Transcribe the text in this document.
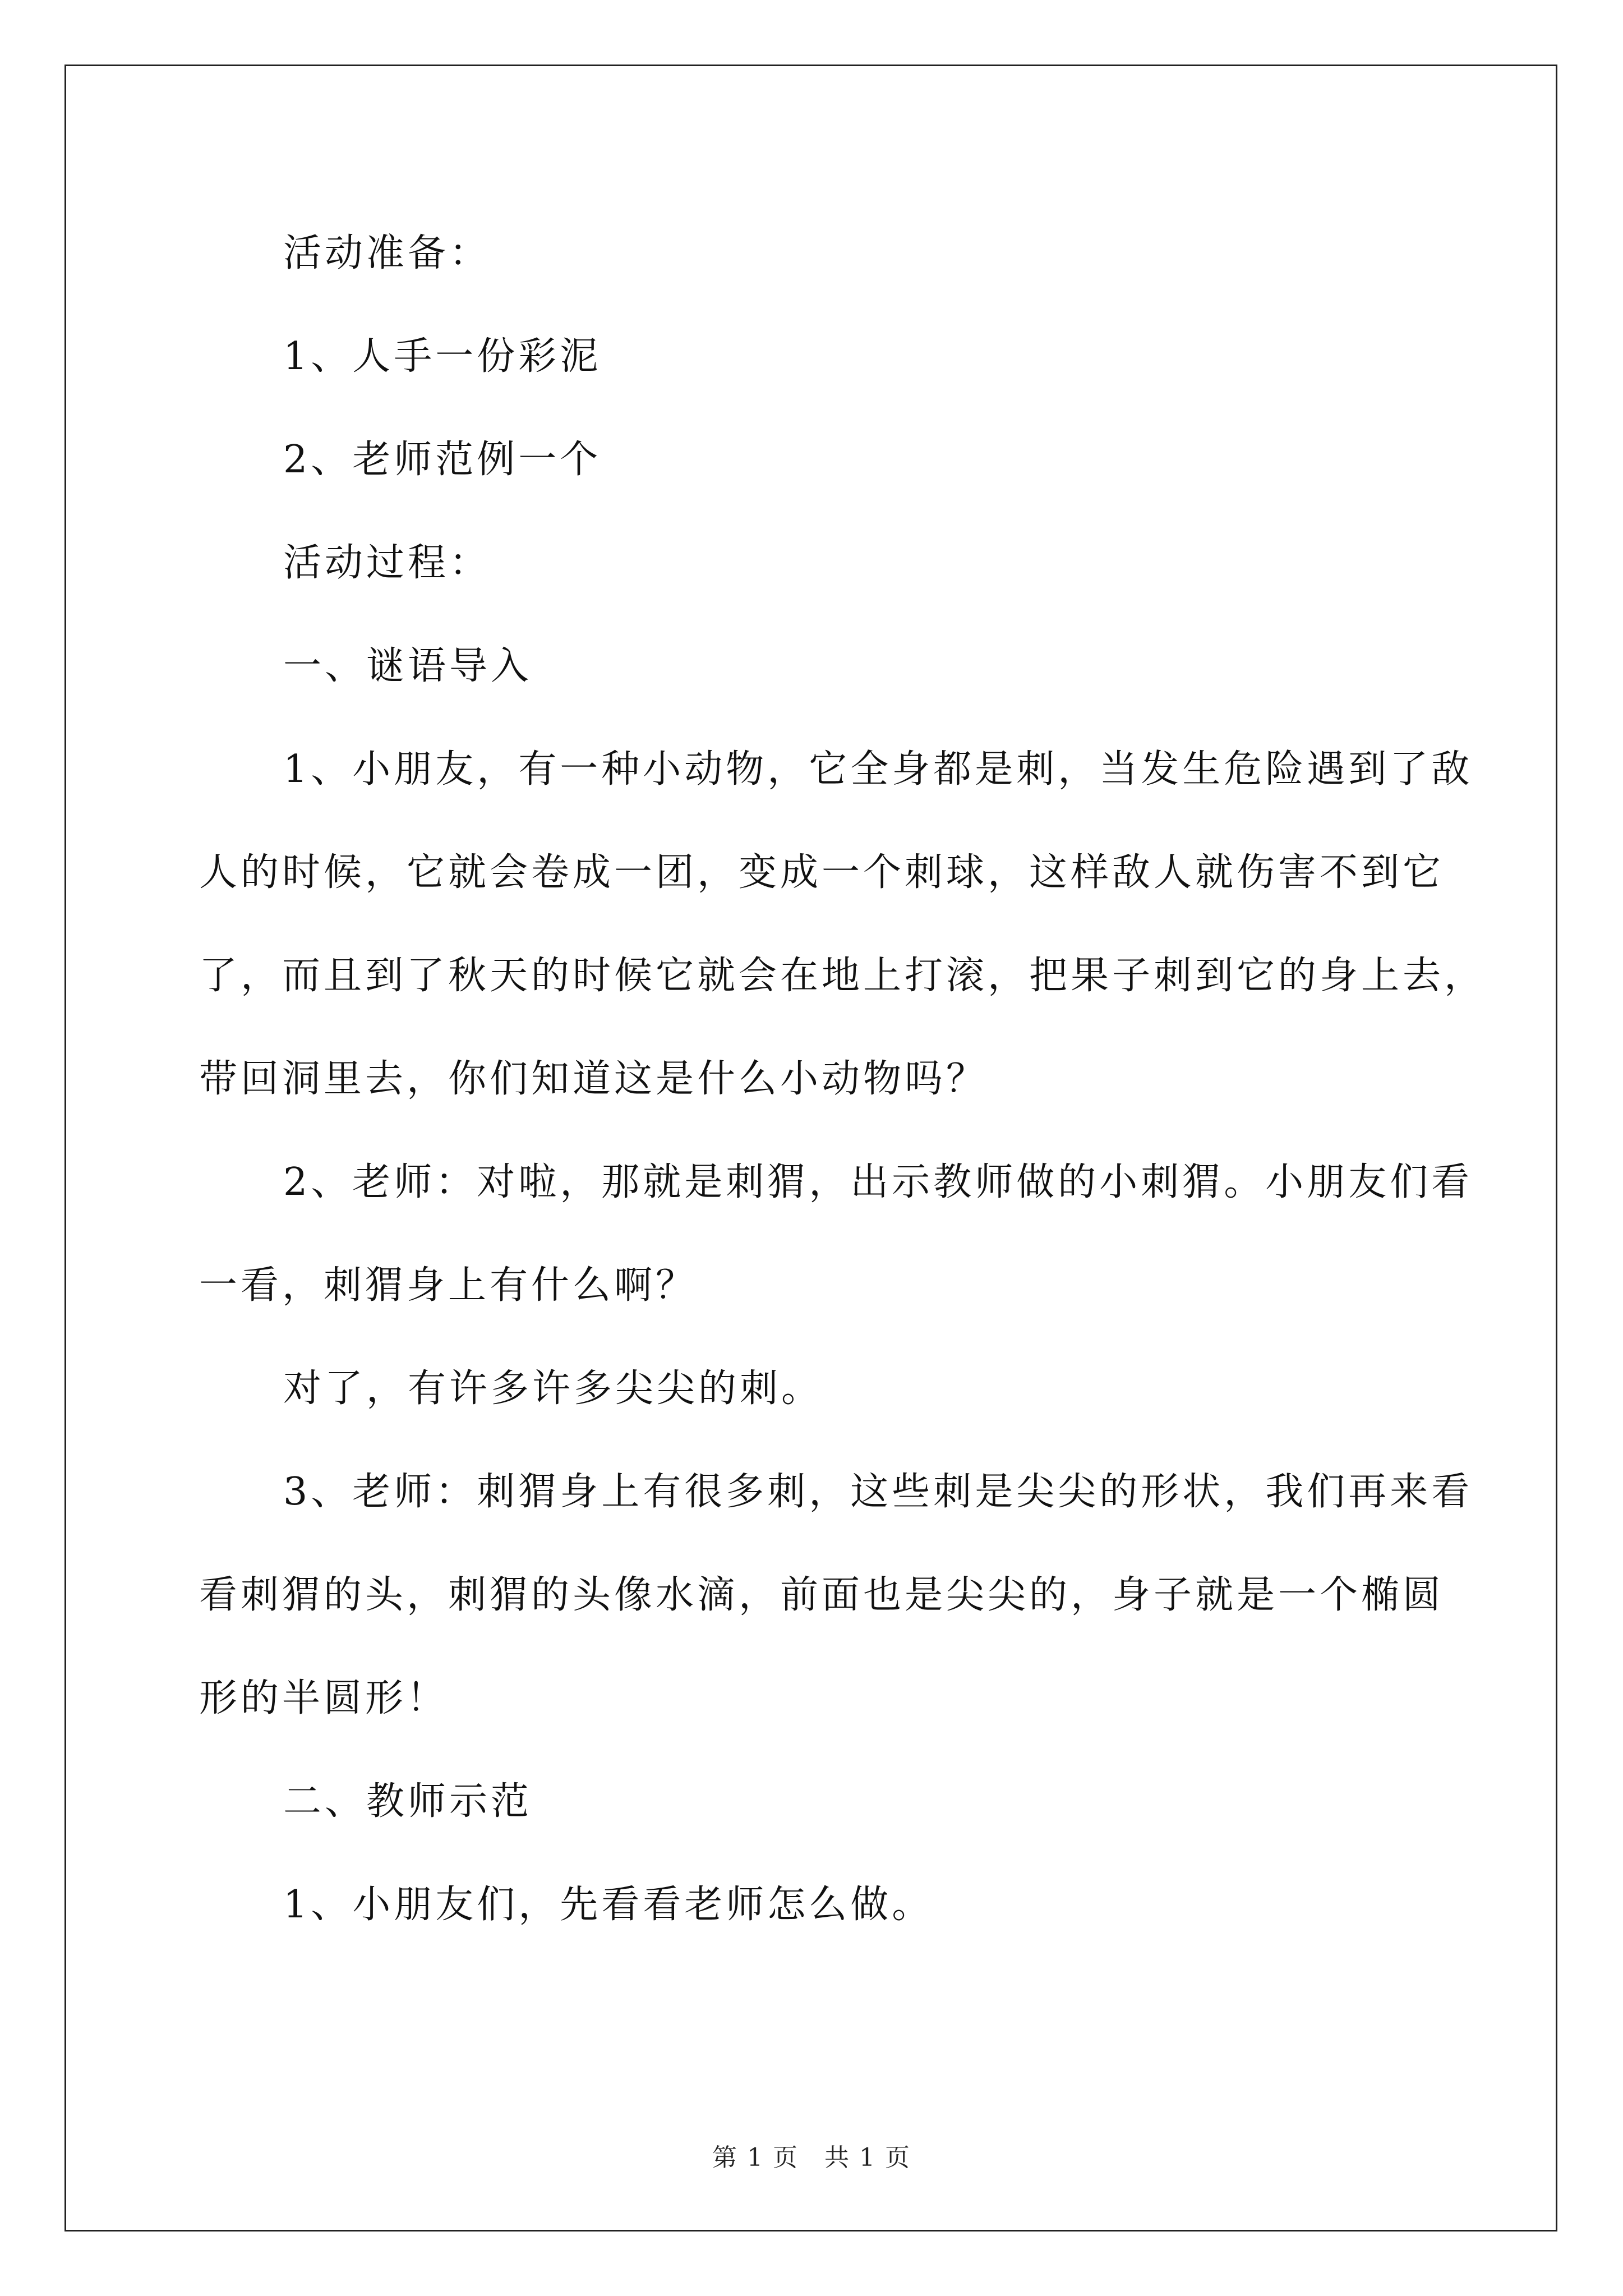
活动准备：

1、人手一份彩泥

2、老师范例一个

活动过程：

一、谜语导入

1、小朋友，有一种小动物，它全身都是刺，当发生危险遇到了敌

人的时候，它就会卷成一团，变成一个刺球，这样敌人就伤害不到它

了，而且到了秋天的时候它就会在地上打滚，把果子刺到它的身上去，

带回洞里去，你们知道这是什么小动物吗？

2、老师：对啦，那就是刺猬，出示教师做的小刺猬。小朋友们看

一看，刺猬身上有什么啊？

对了，有许多许多尖尖的刺。

3、老师：刺猬身上有很多刺，这些刺是尖尖的形状，我们再来看

看刺猬的头，刺猬的头像水滴，前面也是尖尖的，身子就是一个椭圆

形的半圆形！

二、教师示范

1、小朋友们，先看看老师怎么做。

第 1 页　共 1 页
